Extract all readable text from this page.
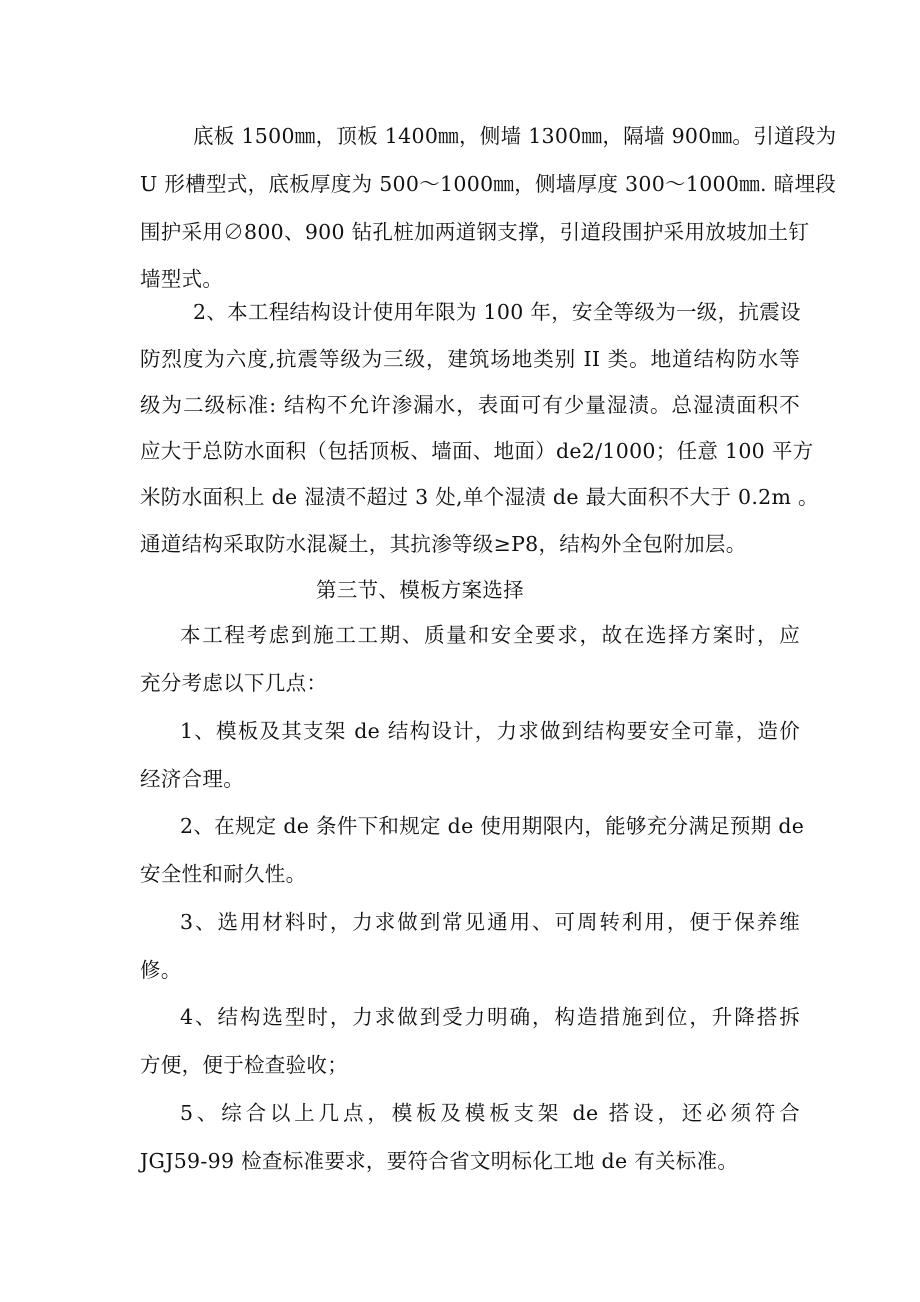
底板 1500㎜，顶板 1400㎜，侧墙 1300㎜，隔墙 900㎜。引道段为
U 形槽型式，底板厚度为 500～1000㎜，侧墙厚度 300～1000㎜. 暗埋段
围护采用∅800、900 钻孔桩加两道钢支撑，引道段围护采用放坡加土钉
墙型式。
2、本工程结构设计使用年限为 100 年，安全等级为一级，抗震设
防烈度为六度,抗震等级为三级，建筑场地类别 II 类。地道结构防水等
级为二级标准: 结构不允许渗漏水，表面可有少量湿渍。总湿渍面积不
应大于总防水面积（包括顶板、墙面、地面）de2/1000；任意 100 平方
米防水面积上 de 湿渍不超过 3 处,单个湿渍 de 最大面积不大于 0.2m 。
通道结构采取防水混凝土，其抗渗等级≥P8，结构外全包附加层。
第三节、模板方案选择
本工程考虑到施工工期、质量和安全要求，故在选择方案时，应
充分考虑以下几点：
1、模板及其支架 de 结构设计，力求做到结构要安全可靠，造价
经济合理。
2、在规定 de 条件下和规定 de 使用期限内，能够充分满足预期 de
安全性和耐久性。
3、选用材料时，力求做到常见通用、可周转利用，便于保养维
修。
4、结构选型时，力求做到受力明确，构造措施到位，升降搭拆
方便，便于检查验收；
5、综合以上几点，模板及模板支架 de 搭设，还必须符合
JGJ59-99 检查标准要求，要符合省文明标化工地 de 有关标准。
